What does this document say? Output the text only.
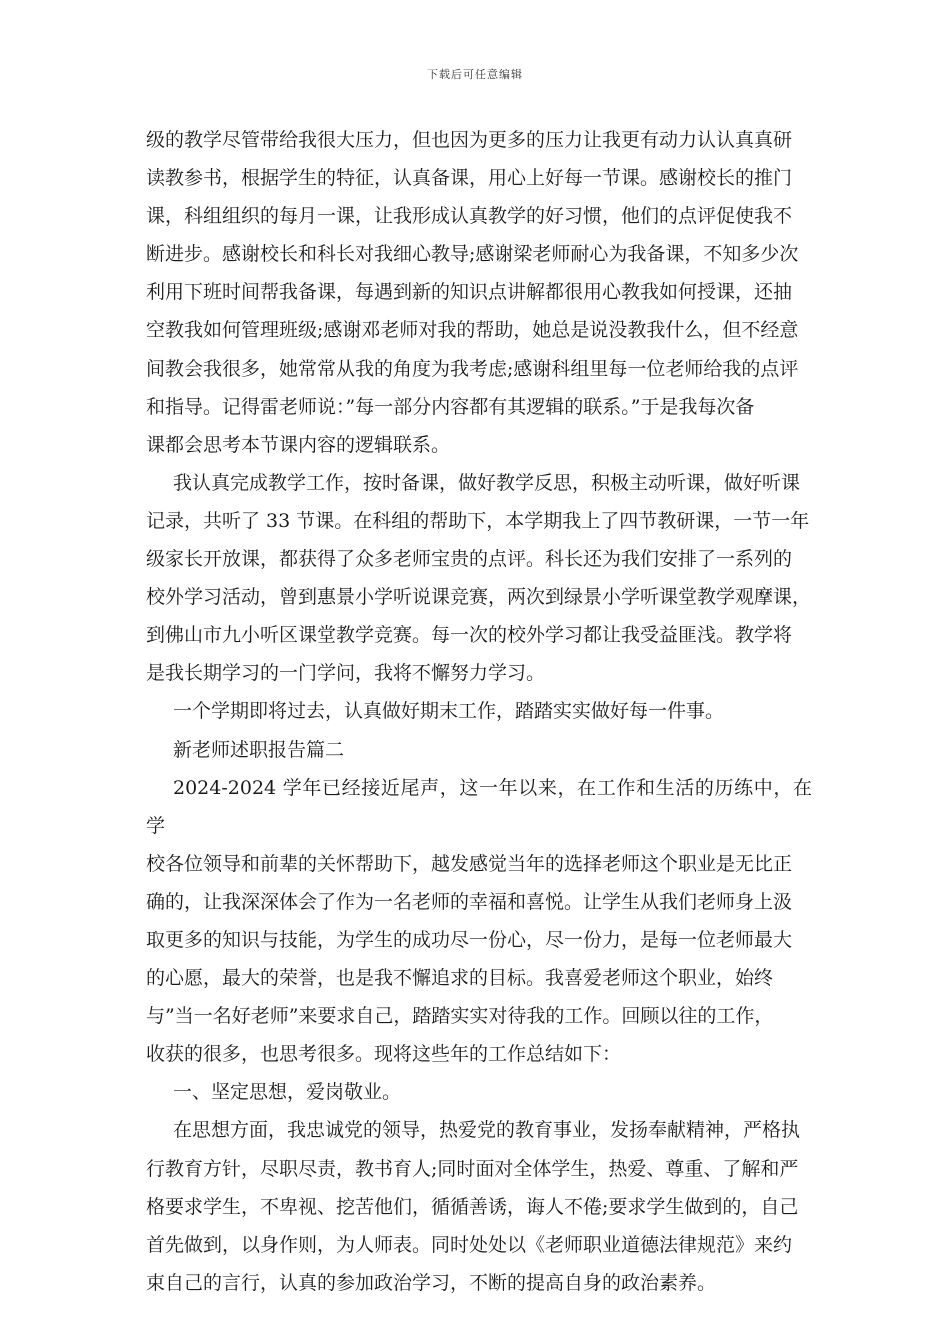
下载后可任意编辑

级的教学尽管带给我很大压力，但也因为更多的压力让我更有动力认认真真研
读教参书，根据学生的特征，认真备课，用心上好每一节课。感谢校长的推门
课，科组组织的每月一课，让我形成认真教学的好习惯，他们的点评促使我不
断进步。感谢校长和科长对我细心教导;感谢梁老师耐心为我备课，不知多少次
利用下班时间帮我备课，每遇到新的知识点讲解都很用心教我如何授课，还抽
空教我如何管理班级;感谢邓老师对我的帮助，她总是说没教我什么，但不经意
间教会我很多，她常常从我的角度为我考虑;感谢科组里每一位老师给我的点评
和指导。记得雷老师说：”每一部分内容都有其逻辑的联系。”于是我每次备
课都会思考本节课内容的逻辑联系。

我认真完成教学工作，按时备课，做好教学反思，积极主动听课，做好听课
记录，共听了 33 节课。在科组的帮助下，本学期我上了四节教研课，一节一年
级家长开放课，都获得了众多老师宝贵的点评。科长还为我们安排了一系列的
校外学习活动，曾到惠景小学听说课竞赛，两次到绿景小学听课堂教学观摩课，
到佛山市九小听区课堂教学竞赛。每一次的校外学习都让我受益匪浅。教学将
是我长期学习的一门学问，我将不懈努力学习。

一个学期即将过去，认真做好期末工作，踏踏实实做好每一件事。

新老师述职报告篇二

2024-2024 学年已经接近尾声，这一年以来，在工作和生活的历练中，在学
校各位领导和前辈的关怀帮助下，越发感觉当年的选择老师这个职业是无比正
确的，让我深深体会了作为一名老师的幸福和喜悦。让学生从我们老师身上汲
取更多的知识与技能，为学生的成功尽一份心，尽一份力，是每一位老师最大
的心愿，最大的荣誉，也是我不懈追求的目标。我喜爱老师这个职业，始终
与”当一名好老师”来要求自己，踏踏实实对待我的工作。回顾以往的工作，
收获的很多，也思考很多。现将这些年的工作总结如下：

一、坚定思想，爱岗敬业。

在思想方面，我忠诚党的领导，热爱党的教育事业，发扬奉献精神，严格执
行教育方针，尽职尽责，教书育人;同时面对全体学生，热爱、尊重、了解和严
格要求学生，不卑视、挖苦他们，循循善诱，诲人不倦;要求学生做到的，自己
首先做到，以身作则，为人师表。同时处处以《老师职业道德法律规范》来约
束自己的言行，认真的参加政治学习，不断的提高自身的政治素养。
